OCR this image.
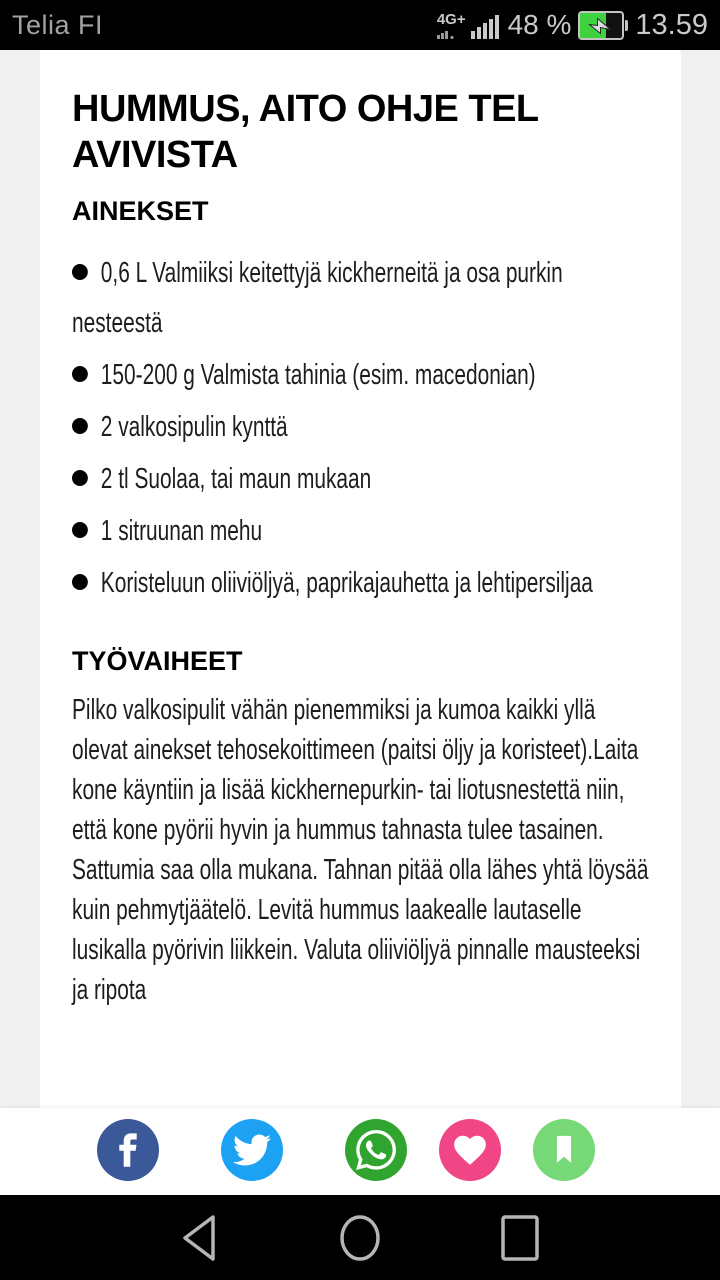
Telia FI	4G+ 48 % 13.59
HUMMUS, AITO OHJE TEL AVIVISTA
AINEKSET
0,6 L Valmiiksi keitettyjä kickherneitä ja osa purkin nesteestä
150-200 g Valmista tahinia (esim. macedonian)
2 valkosipulin kynttä
2 tl Suolaa, tai maun mukaan
1 sitruunan mehu
Koristeluun oliiviöljyä, paprikajauhetta ja lehtipersiljaa
TYÖVAIHEET

Pilko valkosipulit vähän pienemmiksi ja kumoa kaikki yllä olevat ainekset tehosekoittimeen (paitsi öljy ja koristeet).Laita kone käyntiin ja lisää kickhernepurkin- tai liotusnestettä niin, että kone pyörii hyvin ja hummus tahnasta tulee tasainen. Sattumia saa olla mukana. Tahnan pitää olla lähes yhtä löysää kuin pehmytjäätelö. Levitä hummus laakealle lautaselle lusikalla pyörivin liikkein. Valuta oliiviöljyä pinnalle mausteeksi ja ripota
